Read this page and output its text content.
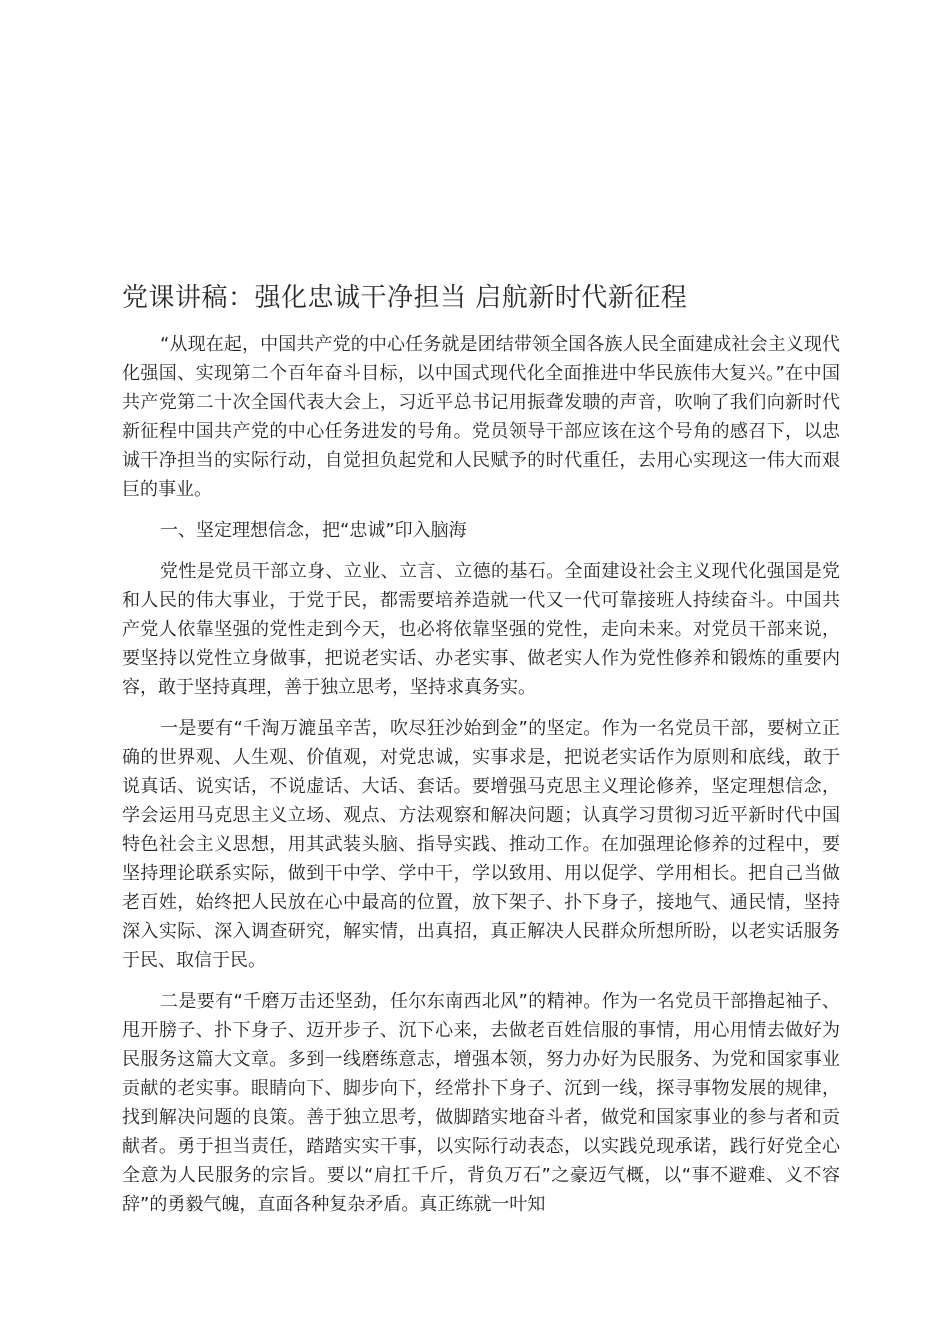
党课讲稿：强化忠诚干净担当 启航新时代新征程

“从现在起，中国共产党的中心任务就是团结带领全国各族人民全面建成社会主义现代化强国、实现第二个百年奋斗目标，以中国式现代化全面推进中华民族伟大复兴。”在中国共产党第二十次全国代表大会上，习近平总书记用振聋发聩的声音，吹响了我们向新时代新征程中国共产党的中心任务进发的号角。党员领导干部应该在这个号角的感召下，以忠诚干净担当的实际行动，自觉担负起党和人民赋予的时代重任，去用心实现这一伟大而艰巨的事业。

一、坚定理想信念，把“忠诚”印入脑海

党性是党员干部立身、立业、立言、立德的基石。全面建设社会主义现代化强国是党和人民的伟大事业，于党于民，都需要培养造就一代又一代可靠接班人持续奋斗。中国共产党人依靠坚强的党性走到今天，也必将依靠坚强的党性，走向未来。对党员干部来说，要坚持以党性立身做事，把说老实话、办老实事、做老实人作为党性修养和锻炼的重要内容，敢于坚持真理，善于独立思考，坚持求真务实。

一是要有“千淘万漉虽辛苦，吹尽狂沙始到金”的坚定。作为一名党员干部，要树立正确的世界观、人生观、价值观，对党忠诚，实事求是，把说老实话作为原则和底线，敢于说真话、说实话，不说虚话、大话、套话。要增强马克思主义理论修养，坚定理想信念，学会运用马克思主义立场、观点、方法观察和解决问题；认真学习贯彻习近平新时代中国特色社会主义思想，用其武装头脑、指导实践、推动工作。在加强理论修养的过程中，要坚持理论联系实际，做到干中学、学中干，学以致用、用以促学、学用相长。把自己当做老百姓，始终把人民放在心中最高的位置，放下架子、扑下身子，接地气、通民情，坚持深入实际、深入调查研究，解实情，出真招，真正解决人民群众所想所盼，以老实话服务于民、取信于民。

二是要有“千磨万击还坚劲，任尔东南西北风”的精神。作为一名党员干部撸起袖子、甩开膀子、扑下身子、迈开步子、沉下心来，去做老百姓信服的事情，用心用情去做好为民服务这篇大文章。多到一线磨练意志，增强本领，努力办好为民服务、为党和国家事业贡献的老实事。眼睛向下、脚步向下，经常扑下身子、沉到一线，探寻事物发展的规律，找到解决问题的良策。善于独立思考，做脚踏实地奋斗者，做党和国家事业的参与者和贡献者。勇于担当责任，踏踏实实干事，以实际行动表态，以实践兑现承诺，践行好党全心全意为人民服务的宗旨。要以“肩扛千斤，背负万石”之豪迈气概，以“事不避难、义不容辞”的勇毅气魄，直面各种复杂矛盾。真正练就一叶知
